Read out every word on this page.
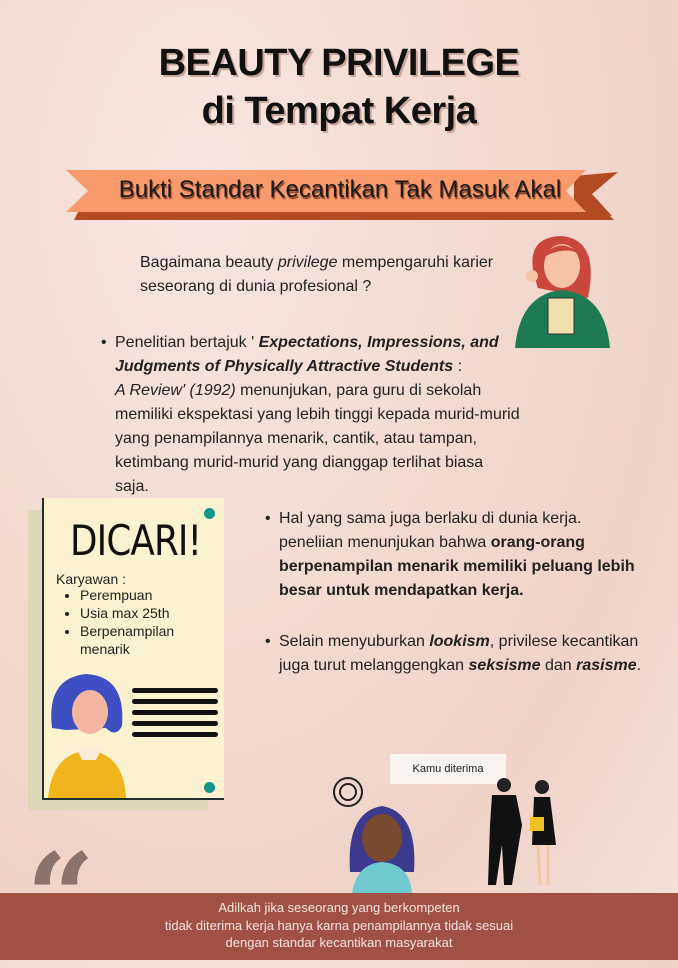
BEAUTY PRIVILEGE
di Tempat Kerja
Bukti Standar Kecantikan Tak Masuk Akal
Bagaimana beauty privilege mempengaruhi karier
seseorang di dunia profesional ?
• Penelitian bertajuk ' Expectations, Impressions, and Judgments of Physically Attractive Students :
A Review' (1992) menunjukan, para guru di sekolah memiliki ekspektasi yang lebih tinggi kepada murid-murid yang penampilannya menarik, cantik, atau tampan, ketimbang murid-murid yang dianggap terlihat biasa saja.
DICARI!
Karyawan :
• Perempuan
• Usia max 25th
• Berpenampilan menarik
• Hal yang sama juga berlaku di dunia kerja. peneliian menunjukan bahwa orang-orang berpenampilan menarik memiliki peluang lebih besar untuk mendapatkan kerja.
• Selain menyuburkan lookism, privilese kecantikan juga turut melanggengkan seksisme dan rasisme.
Kamu diterima
Adilkah jika seseorang yang berkompeten
tidak diterima kerja hanya karna penampilannya tidak sesuai
dengan standar kecantikan masyarakat
“
